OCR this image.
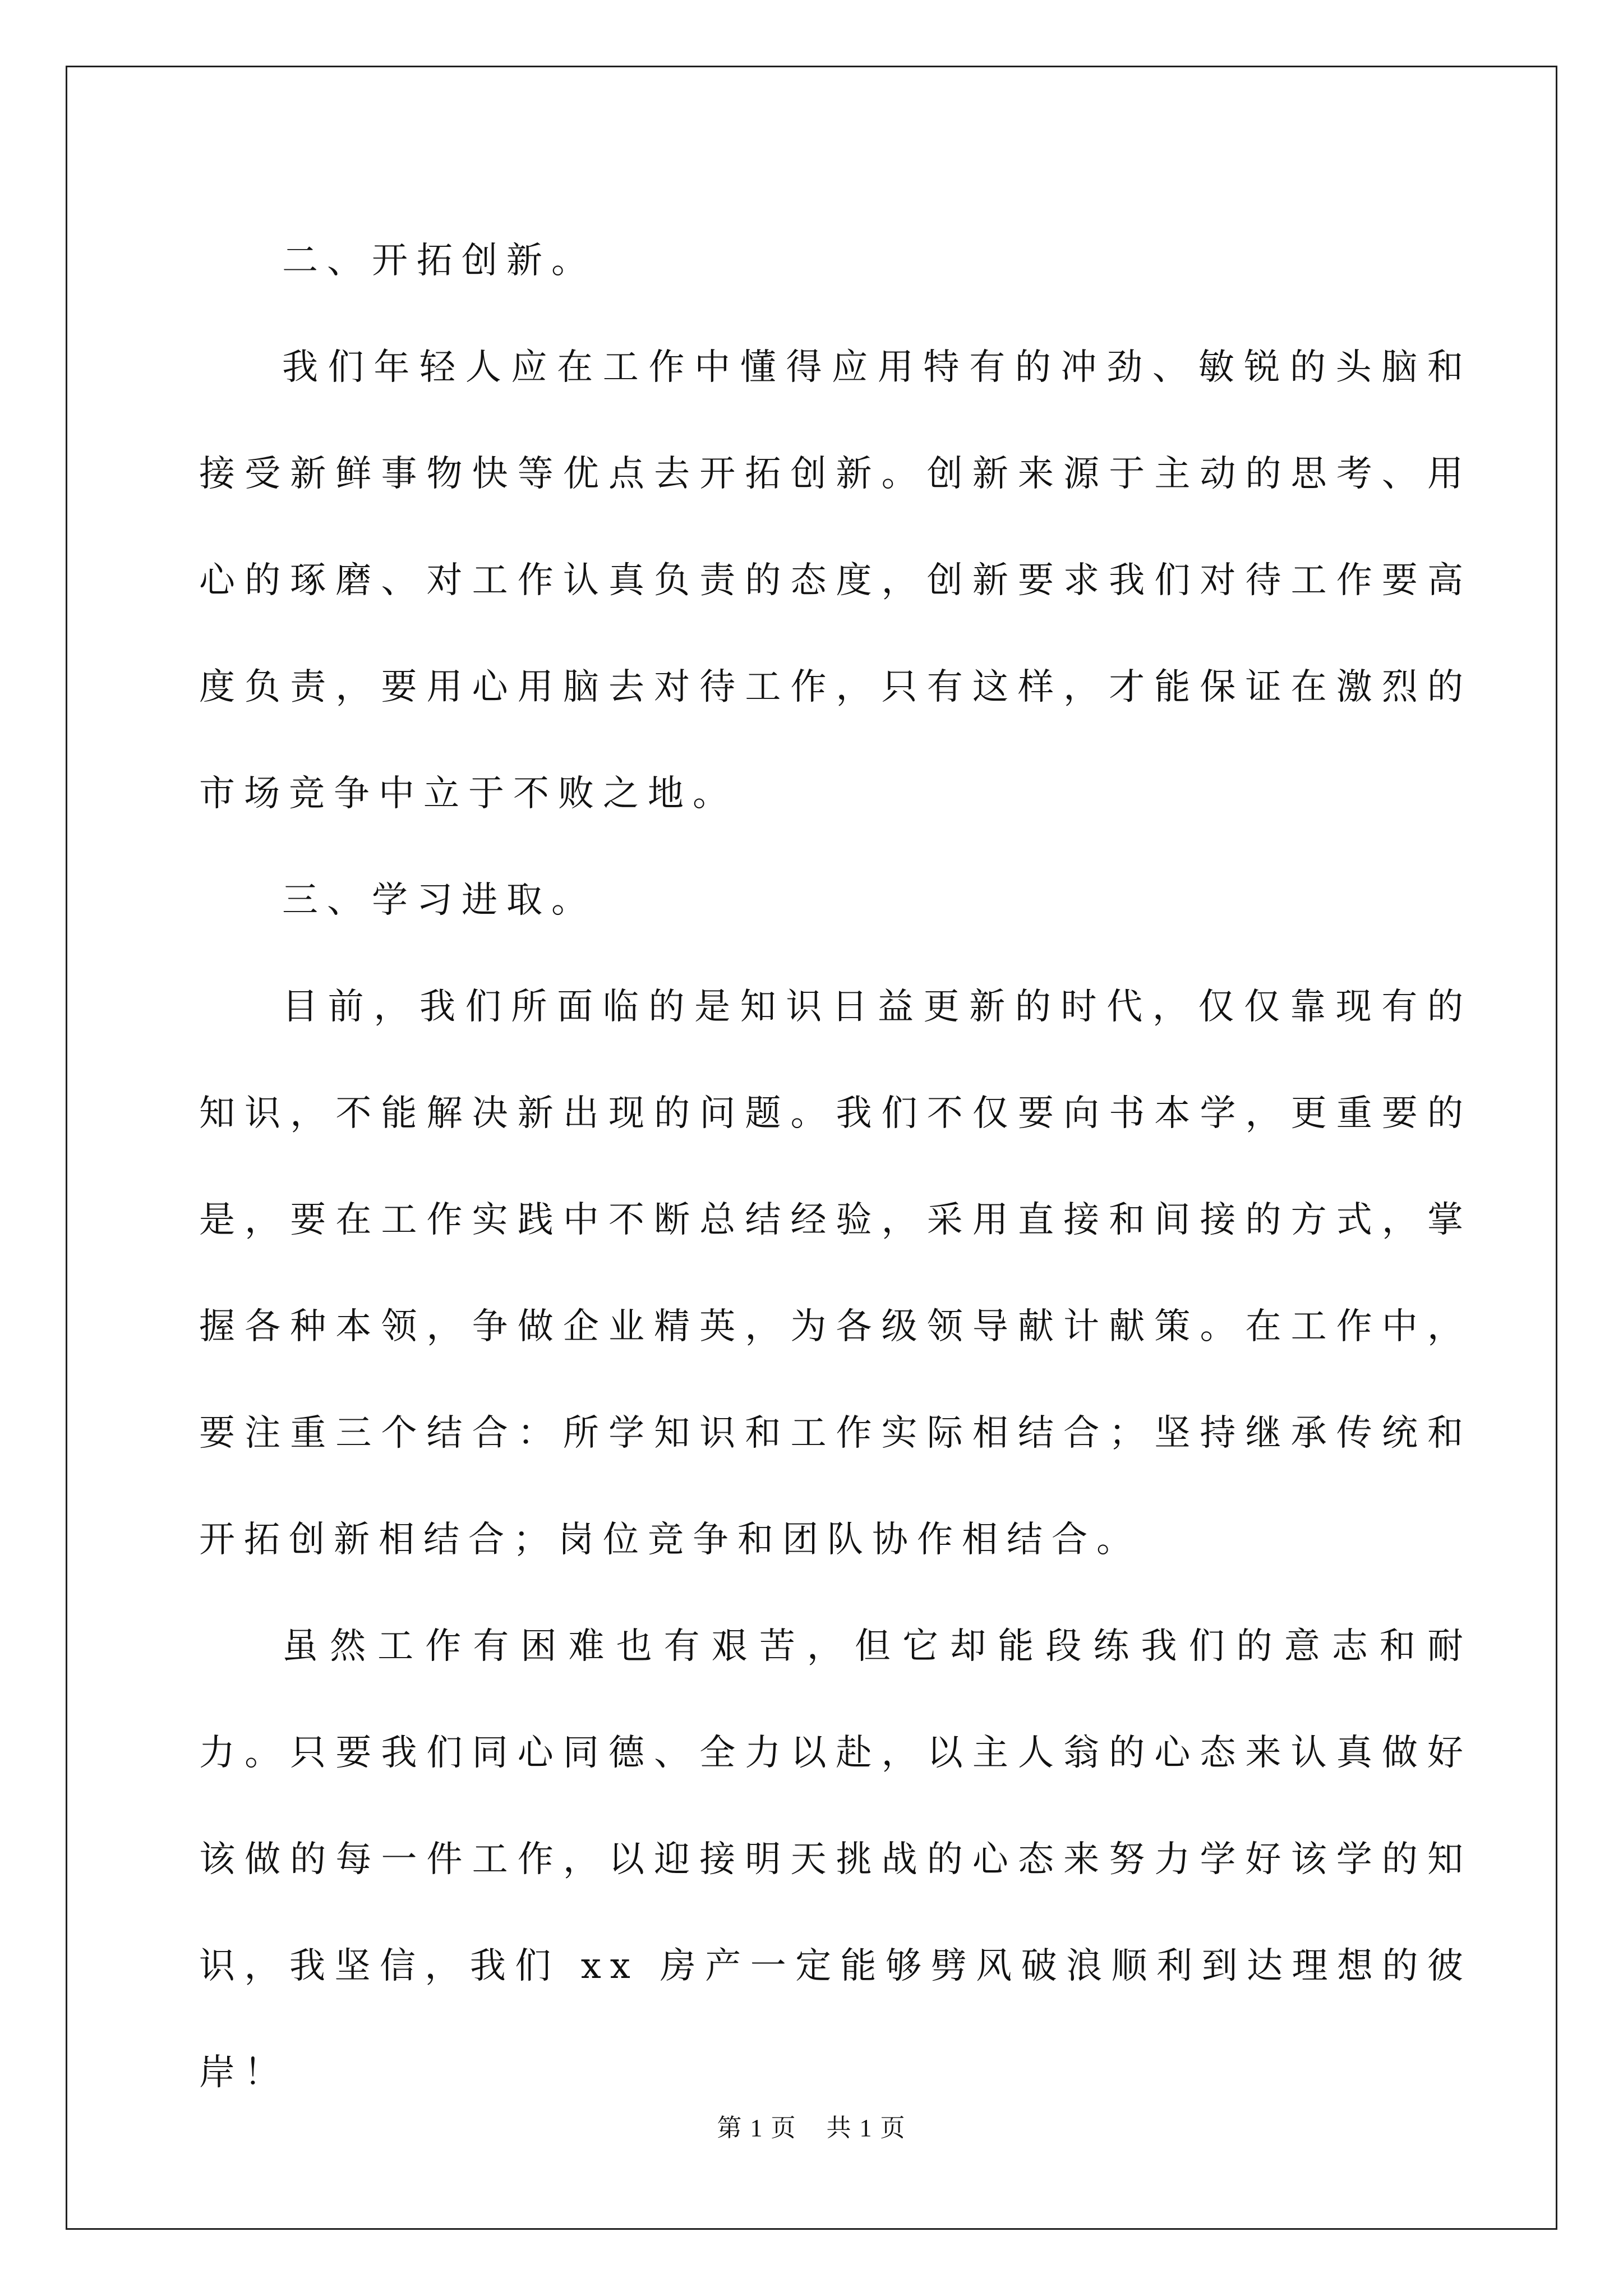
二、开拓创新。

我们年轻人应在工作中懂得应用特有的冲劲、敏锐的头脑和接受新鲜事物快等优点去开拓创新。创新来源于主动的思考、用心的琢磨、对工作认真负责的态度，创新要求我们对待工作要高度负责，要用心用脑去对待工作，只有这样，才能保证在激烈的市场竞争中立于不败之地。

三、学习进取。

目前，我们所面临的是知识日益更新的时代，仅仅靠现有的知识，不能解决新出现的问题。我们不仅要向书本学，更重要的是，要在工作实践中不断总结经验，采用直接和间接的方式，掌握各种本领，争做企业精英，为各级领导献计献策。在工作中，要注重三个结合：所学知识和工作实际相结合；坚持继承传统和开拓创新相结合；岗位竞争和团队协作相结合。

虽然工作有困难也有艰苦，但它却能段练我们的意志和耐力。只要我们同心同德、全力以赴，以主人翁的心态来认真做好该做的每一件工作，以迎接明天挑战的心态来努力学好该学的知识，我坚信，我们 xx 房产一定能够劈风破浪顺利到达理想的彼岸！

第 1 页 共 1 页
